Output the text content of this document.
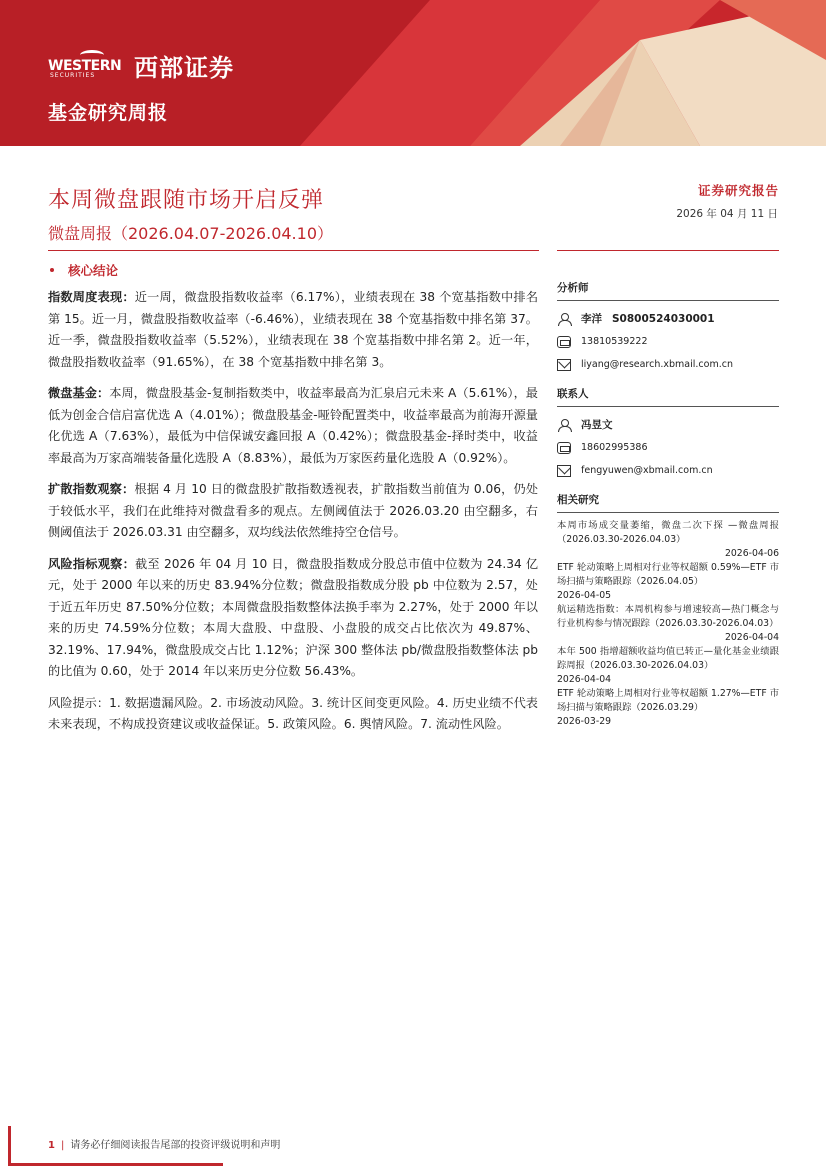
WESTERN
SECURITIES 西部证券
基金研究周报
本周微盘跟随市场开启反弹
微盘周报（2026.04.07-2026.04.10）
证券研究报告
2026 年 04 月 11 日
核心结论

指数周度表现：近一周，微盘股指数收益率（6.17%），业绩表现在 38 个宽基指数中排名第 15。近一月，微盘股指数收益率（-6.46%），业绩表现在 38 个宽基指数中排名第 37。近一季，微盘股指数收益率（5.52%），业绩表现在 38 个宽基指数中排名第 2。近一年，微盘股指数收益率（91.65%），在 38 个宽基指数中排名第 3。

微盘基金：本周，微盘股基金-复制指数类中，收益率最高为汇泉启元未来 A（5.61%），最低为创金合信启富优选 A（4.01%）；微盘股基金-哑铃配置类中，收益率最高为前海开源量化优选 A（7.63%），最低为中信保诚安鑫回报 A（0.42%）；微盘股基金-择时类中，收益率最高为万家高端装备量化选股 A（8.83%），最低为万家医药量化选股 A（0.92%）。

扩散指数观察：根据 4 月 10 日的微盘股扩散指数透视表，扩散指数当前值为 0.06，仍处于较低水平，我们在此维持对微盘看多的观点。左侧阈值法于 2026.03.20 由空翻多，右侧阈值法于 2026.03.31 由空翻多，双均线法依然维持空仓信号。

风险指标观察：截至 2026 年 04 月 10 日，微盘股指数成分股总市值中位数为 24.34 亿元，处于 2000 年以来的历史 83.94%分位数；微盘股指数成分股 pb 中位数为 2.57，处于近五年历史 87.50%分位数；本周微盘股指数整体法换手率为 2.27%，处于 2000 年以来的历史 74.59%分位数；本周大盘股、中盘股、小盘股的成交占比依次为 49.87%、32.19%、17.94%，微盘股成交占比 1.12%；沪深 300 整体法 pb/微盘股指数整体法 pb 的比值为 0.60，处于 2014 年以来历史分位数 56.43%。

风险提示：1. 数据遗漏风险。2. 市场波动风险。3. 统计区间变更风险。4. 历史业绩不代表未来表现，不构成投资建议或收益保证。5. 政策风险。6. 舆情风险。7. 流动性风险。

分析师
李洋 S0800524030001
13810539222
liyang@research.xbmail.com.cn
联系人
冯昱文
18602995386
fengyuwen@xbmail.com.cn
相关研究
本周市场成交量萎缩，微盘二次下探 —微盘周报（2026.03.30-2026.04.03）
2026-04-06
ETF 轮动策略上周相对行业等权超额 0.59%—ETF 市场扫描与策略跟踪（2026.04.05）
2026-04-05
航运精选指数：本周机构参与增速较高—热门概念与行业机构参与情况跟踪（2026.03.30-2026.04.03）
2026-04-04
本年 500 指增超额收益均值已转正—量化基金业绩跟踪周报（2026.03.30-2026.04.03）
2026-04-04
ETF 轮动策略上周相对行业等权超额 1.27%—ETF 市场扫描与策略跟踪（2026.03.29）
2026-03-29
1 | 请务必仔细阅读报告尾部的投资评级说明和声明
